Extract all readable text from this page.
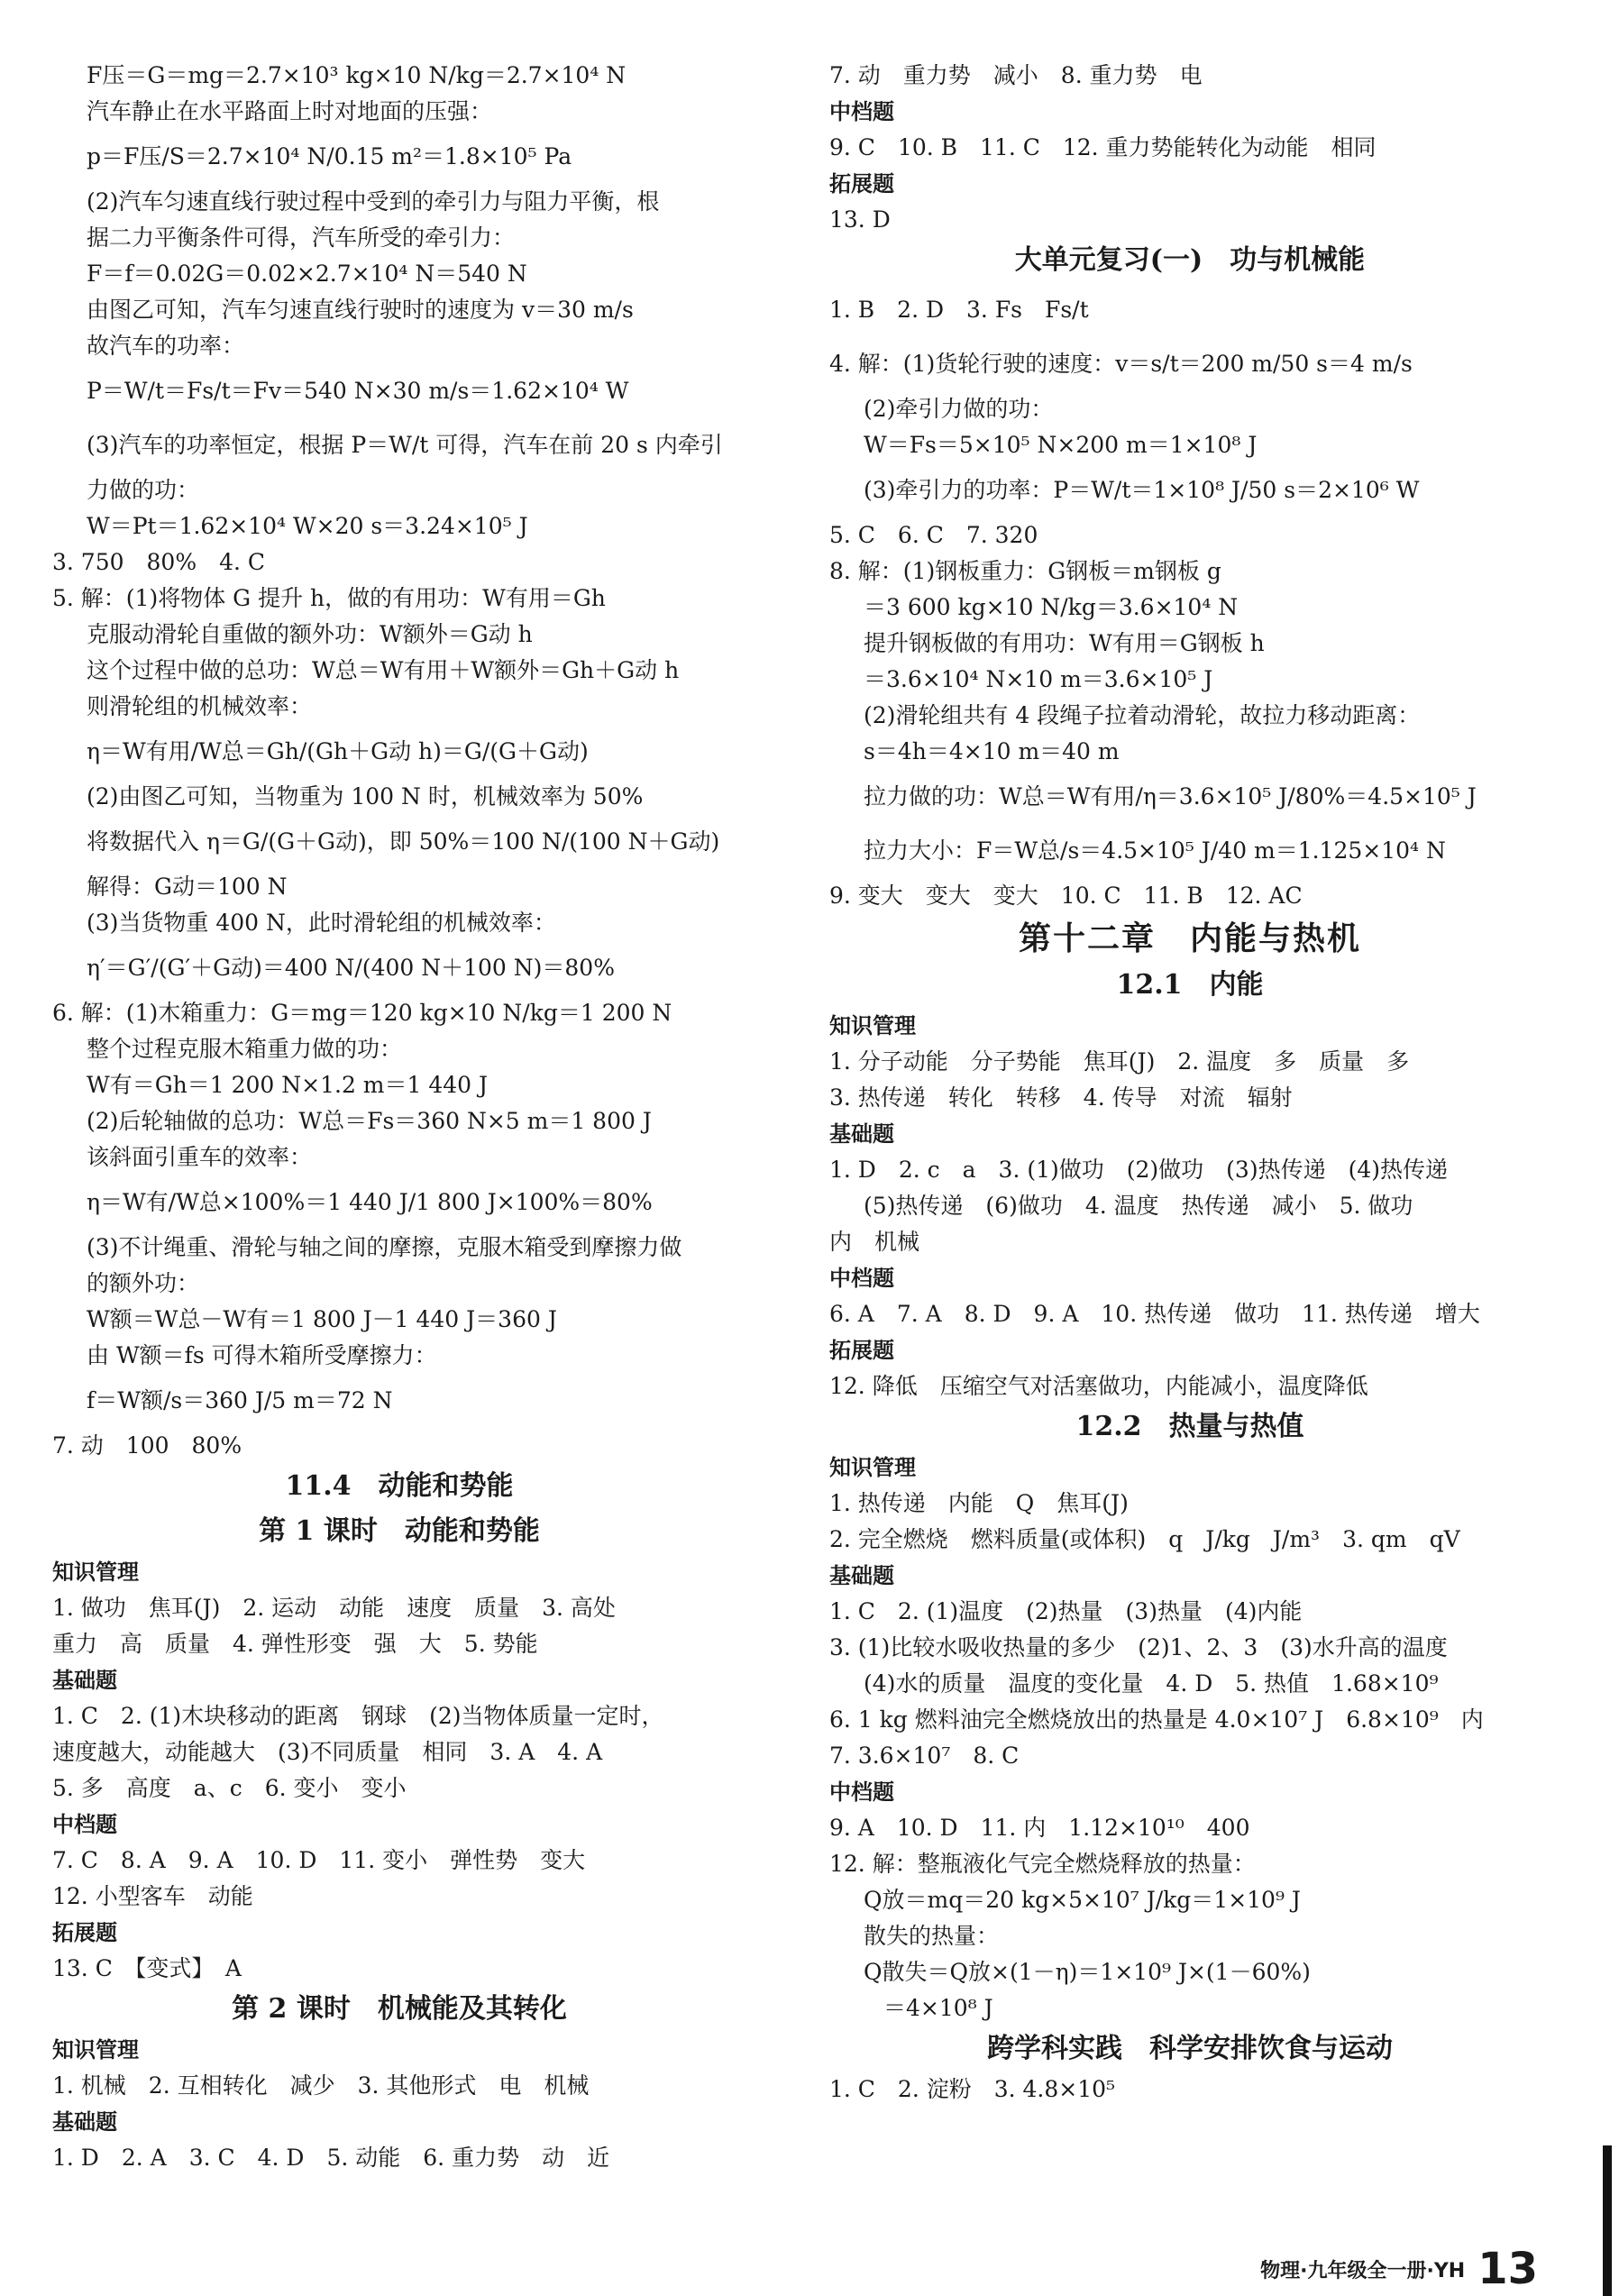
F压＝G＝mg＝2.7×10³ kg×10 N/kg＝2.7×10⁴ N
汽车静止在水平路面上时对地面的压强：
p＝F压/S＝2.7×10⁴ N/0.15 m²＝1.8×10⁵ Pa
(2)汽车匀速直线行驶过程中受到的牵引力与阻力平衡，根
据二力平衡条件可得，汽车所受的牵引力：
F＝f＝0.02G＝0.02×2.7×10⁴ N＝540 N
由图乙可知，汽车匀速直线行驶时的速度为 v＝30 m/s
故汽车的功率：
P＝W/t＝Fs/t＝Fv＝540 N×30 m/s＝1.62×10⁴ W
(3)汽车的功率恒定，根据 P＝W/t 可得，汽车在前 20 s 内牵引
力做的功：
W＝Pt＝1.62×10⁴ W×20 s＝3.24×10⁵ J
3. 750　80%　4. C
5. 解：(1)将物体 G 提升 h，做的有用功：W有用＝Gh
克服动滑轮自重做的额外功：W额外＝G动 h
这个过程中做的总功：W总＝W有用＋W额外＝Gh＋G动 h
则滑轮组的机械效率：
η＝W有用/W总＝Gh/(Gh＋G动 h)＝G/(G＋G动)
(2)由图乙可知，当物重为 100 N 时，机械效率为 50%
将数据代入 η＝G/(G＋G动)，即 50%＝100 N/(100 N＋G动)
解得：G动＝100 N
(3)当货物重 400 N，此时滑轮组的机械效率：
η′＝G′/(G′＋G动)＝400 N/(400 N＋100 N)＝80%
6. 解：(1)木箱重力：G＝mg＝120 kg×10 N/kg＝1 200 N
整个过程克服木箱重力做的功：
W有＝Gh＝1 200 N×1.2 m＝1 440 J
(2)后轮轴做的总功：W总＝Fs＝360 N×5 m＝1 800 J
该斜面引重车的效率：
η＝W有/W总×100%＝1 440 J/1 800 J×100%＝80%
(3)不计绳重、滑轮与轴之间的摩擦，克服木箱受到摩擦力做
的额外功：
W额＝W总－W有＝1 800 J－1 440 J＝360 J
由 W额＝fs 可得木箱所受摩擦力：
f＝W额/s＝360 J/5 m＝72 N
7. 动　100　80%
11.4　动能和势能
第 1 课时　动能和势能
知识管理
1. 做功　焦耳(J)　2. 运动　动能　速度　质量　3. 高处
重力　高　质量　4. 弹性形变　强　大　5. 势能
基础题
1. C　2. (1)木块移动的距离　钢球　(2)当物体质量一定时，
速度越大，动能越大　(3)不同质量　相同　3. A　4. A
5. 多　高度　a、c　6. 变小　变小
中档题
7. C　8. A　9. A　10. D　11. 变小　弹性势　变大
12. 小型客车　动能
拓展题
13. C　【变式】　A
第 2 课时　机械能及其转化
知识管理
1. 机械　2. 互相转化　减少　3. 其他形式　电　机械
基础题
1. D　2. A　3. C　4. D　5. 动能　6. 重力势　动　近
7. 动　重力势　减小　8. 重力势　电
中档题
9. C　10. B　11. C　12. 重力势能转化为动能　相同
拓展题
13. D
大单元复习(一)　功与机械能
1. B　2. D　3. Fs　Fs/t
4. 解：(1)货轮行驶的速度：v＝s/t＝200 m/50 s＝4 m/s
(2)牵引力做的功：
W＝Fs＝5×10⁵ N×200 m＝1×10⁸ J
(3)牵引力的功率：P＝W/t＝1×10⁸ J/50 s＝2×10⁶ W
5. C　6. C　7. 320
8. 解：(1)钢板重力：G钢板＝m钢板 g
＝3 600 kg×10 N/kg＝3.6×10⁴ N
提升钢板做的有用功：W有用＝G钢板 h
＝3.6×10⁴ N×10 m＝3.6×10⁵ J
(2)滑轮组共有 4 段绳子拉着动滑轮，故拉力移动距离：
s＝4h＝4×10 m＝40 m
拉力做的功：W总＝W有用/η＝3.6×10⁵ J/80%＝4.5×10⁵ J
拉力大小：F＝W总/s＝4.5×10⁵ J/40 m＝1.125×10⁴ N
9. 变大　变大　变大　10. C　11. B　12. AC
第十二章　内能与热机
12.1　内能
知识管理
1. 分子动能　分子势能　焦耳(J)　2. 温度　多　质量　多
3. 热传递　转化　转移　4. 传导　对流　辐射
基础题
1. D　2. c　a　3. (1)做功　(2)做功　(3)热传递　(4)热传递
(5)热传递　(6)做功　4. 温度　热传递　减小　5. 做功
内　机械
中档题
6. A　7. A　8. D　9. A　10. 热传递　做功　11. 热传递　增大
拓展题
12. 降低　压缩空气对活塞做功，内能减小，温度降低
12.2　热量与热值
知识管理
1. 热传递　内能　Q　焦耳(J)
2. 完全燃烧　燃料质量(或体积)　q　J/kg　J/m³　3. qm　qV
基础题
1. C　2. (1)温度　(2)热量　(3)热量　(4)内能
3. (1)比较水吸收热量的多少　(2)1、2、3　(3)水升高的温度
(4)水的质量　温度的变化量　4. D　5. 热值　1.68×10⁹
6. 1 kg 燃料油完全燃烧放出的热量是 4.0×10⁷ J　6.8×10⁹　内
7. 3.6×10⁷　8. C
中档题
9. A　10. D　11. 内　1.12×10¹⁰　400
12. 解：整瓶液化气完全燃烧释放的热量：
Q放＝mq＝20 kg×5×10⁷ J/kg＝1×10⁹ J
散失的热量：
Q散失＝Q放×(1－η)＝1×10⁹ J×(1－60%)
＝4×10⁸ J
跨学科实践　科学安排饮食与运动
1. C　2. 淀粉　3. 4.8×10⁵
物理·九年级全一册·YH 13
